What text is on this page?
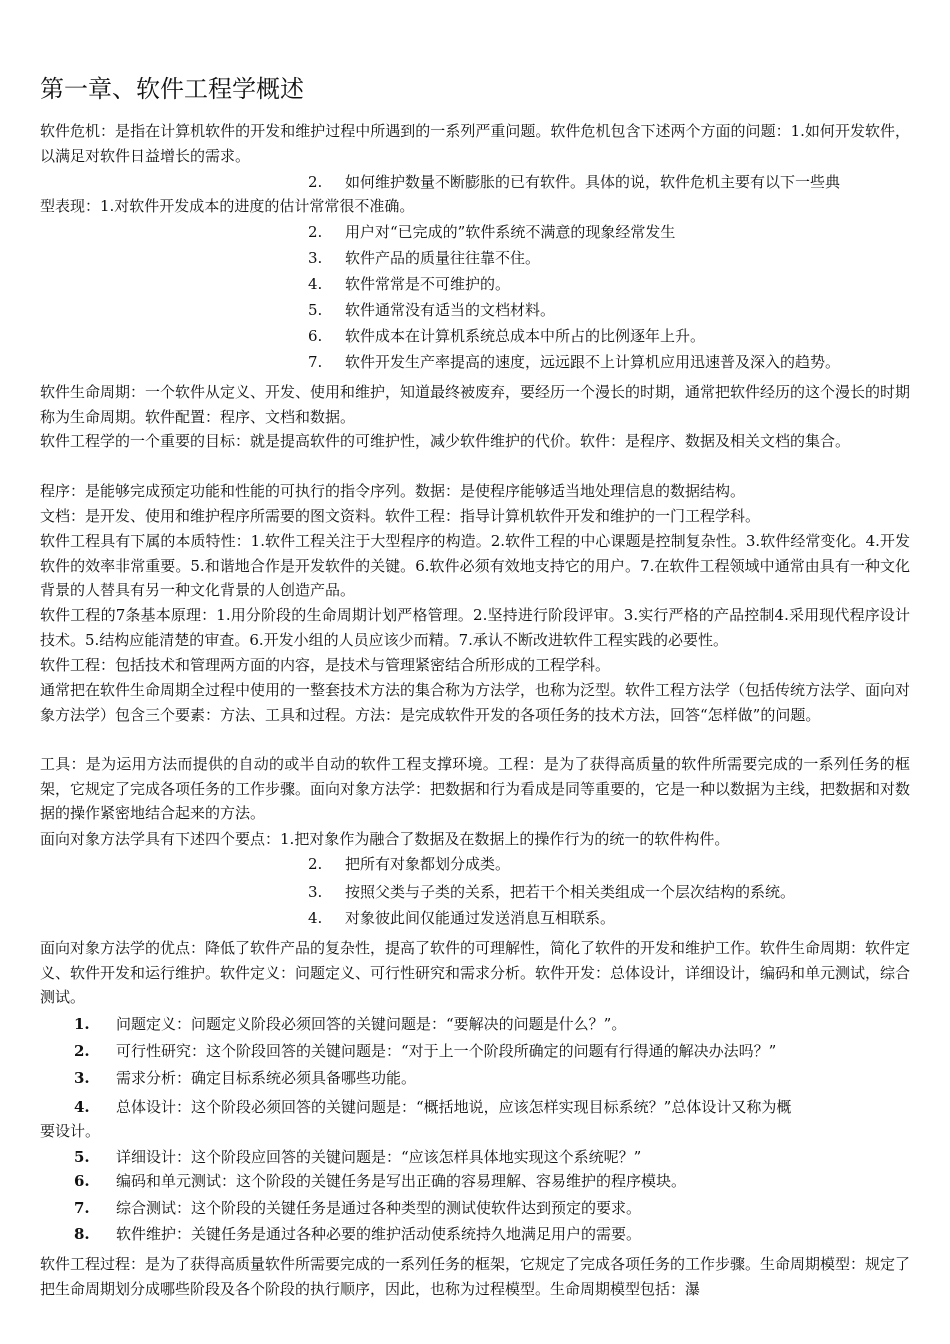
第一章、软件工程学概述
软件危机：是指在计算机软件的开发和维护过程中所遇到的一系列严重问题。软件危机包含下述两个方面的问题：1.如何开发软件，以满足对软件日益增长的需求。
2. 如何维护数量不断膨胀的已有软件。具体的说，软件危机主要有以下一些典
型表现：1.对软件开发成本的进度的估计常常很不准确。
2. 用户对“已完成的”软件系统不满意的现象经常发生
3. 软件产品的质量往往靠不住。
4. 软件常常是不可维护的。
5. 软件通常没有适当的文档材料。
6. 软件成本在计算机系统总成本中所占的比例逐年上升。
7. 软件开发生产率提高的速度，远远跟不上计算机应用迅速普及深入的趋势。
软件生命周期：一个软件从定义、开发、使用和维护，知道最终被废弃，要经历一个漫长的时期，通常把软件经历的这个漫长的时期称为生命周期。软件配置：程序、文档和数据。
软件工程学的一个重要的目标：就是提高软件的可维护性，减少软件维护的代价。软件：是程序、数据及相关文档的集合。
程序：是能够完成预定功能和性能的可执行的指令序列。数据：是使程序能够适当地处理信息的数据结构。
文档：是开发、使用和维护程序所需要的图文资料。软件工程：指导计算机软件开发和维护的一门工程学科。
软件工程具有下属的本质特性：1.软件工程关注于大型程序的构造。2.软件工程的中心课题是控制复杂性。3.软件经常变化。4.开发软件的效率非常重要。5.和谐地合作是开发软件的关键。6.软件必须有效地支持它的用户。7.在软件工程领域中通常由具有一种文化背景的人替具有另一种文化背景的人创造产品。
软件工程的7条基本原理：1.用分阶段的生命周期计划严格管理。2.坚持进行阶段评审。3.实行严格的产品控制4.采用现代程序设计技术。5.结构应能清楚的审查。6.开发小组的人员应该少而精。7.承认不断改进软件工程实践的必要性。
软件工程：包括技术和管理两方面的内容，是技术与管理紧密结合所形成的工程学科。
通常把在软件生命周期全过程中使用的一整套技术方法的集合称为方法学，也称为泛型。软件工程方法学（包括传统方法学、面向对象方法学）包含三个要素：方法、工具和过程。方法：是完成软件开发的各项任务的技术方法，回答“怎样做”的问题。
工具：是为运用方法而提供的自动的或半自动的软件工程支撑环境。工程：是为了获得高质量的软件所需要完成的一系列任务的框架，它规定了完成各项任务的工作步骤。面向对象方法学：把数据和行为看成是同等重要的，它是一种以数据为主线，把数据和对数据的操作紧密地结合起来的方法。
面向对象方法学具有下述四个要点：1.把对象作为融合了数据及在数据上的操作行为的统一的软件构件。
2. 把所有对象都划分成类。
3. 按照父类与子类的关系，把若干个相关类组成一个层次结构的系统。
4. 对象彼此间仅能通过发送消息互相联系。
面向对象方法学的优点：降低了软件产品的复杂性，提高了软件的可理解性，简化了软件的开发和维护工作。软件生命周期：软件定义、软件开发和运行维护。软件定义：问题定义、可行性研究和需求分析。软件开发：总体设计，详细设计，编码和单元测试，综合测试。
1. 问题定义：问题定义阶段必须回答的关键问题是：“要解决的问题是什么？”。
2. 可行性研究：这个阶段回答的关键问题是：“对于上一个阶段所确定的问题有行得通的解决办法吗？”
3. 需求分析：确定目标系统必须具备哪些功能。
4. 总体设计：这个阶段必须回答的关键问题是：“概括地说，应该怎样实现目标系统？”总体设计又称为概
要设计。
5. 详细设计：这个阶段应回答的关键问题是：“应该怎样具体地实现这个系统呢？”
6. 编码和单元测试：这个阶段的关键任务是写出正确的容易理解、容易维护的程序模块。
7. 综合测试：这个阶段的关键任务是通过各种类型的测试使软件达到预定的要求。
8. 软件维护：关键任务是通过各种必要的维护活动使系统持久地满足用户的需要。
软件工程过程：是为了获得高质量软件所需要完成的一系列任务的框架，它规定了完成各项任务的工作步骤。生命周期模型：规定了把生命周期划分成哪些阶段及各个阶段的执行顺序，因此，也称为过程模型。生命周期模型包括：瀑
